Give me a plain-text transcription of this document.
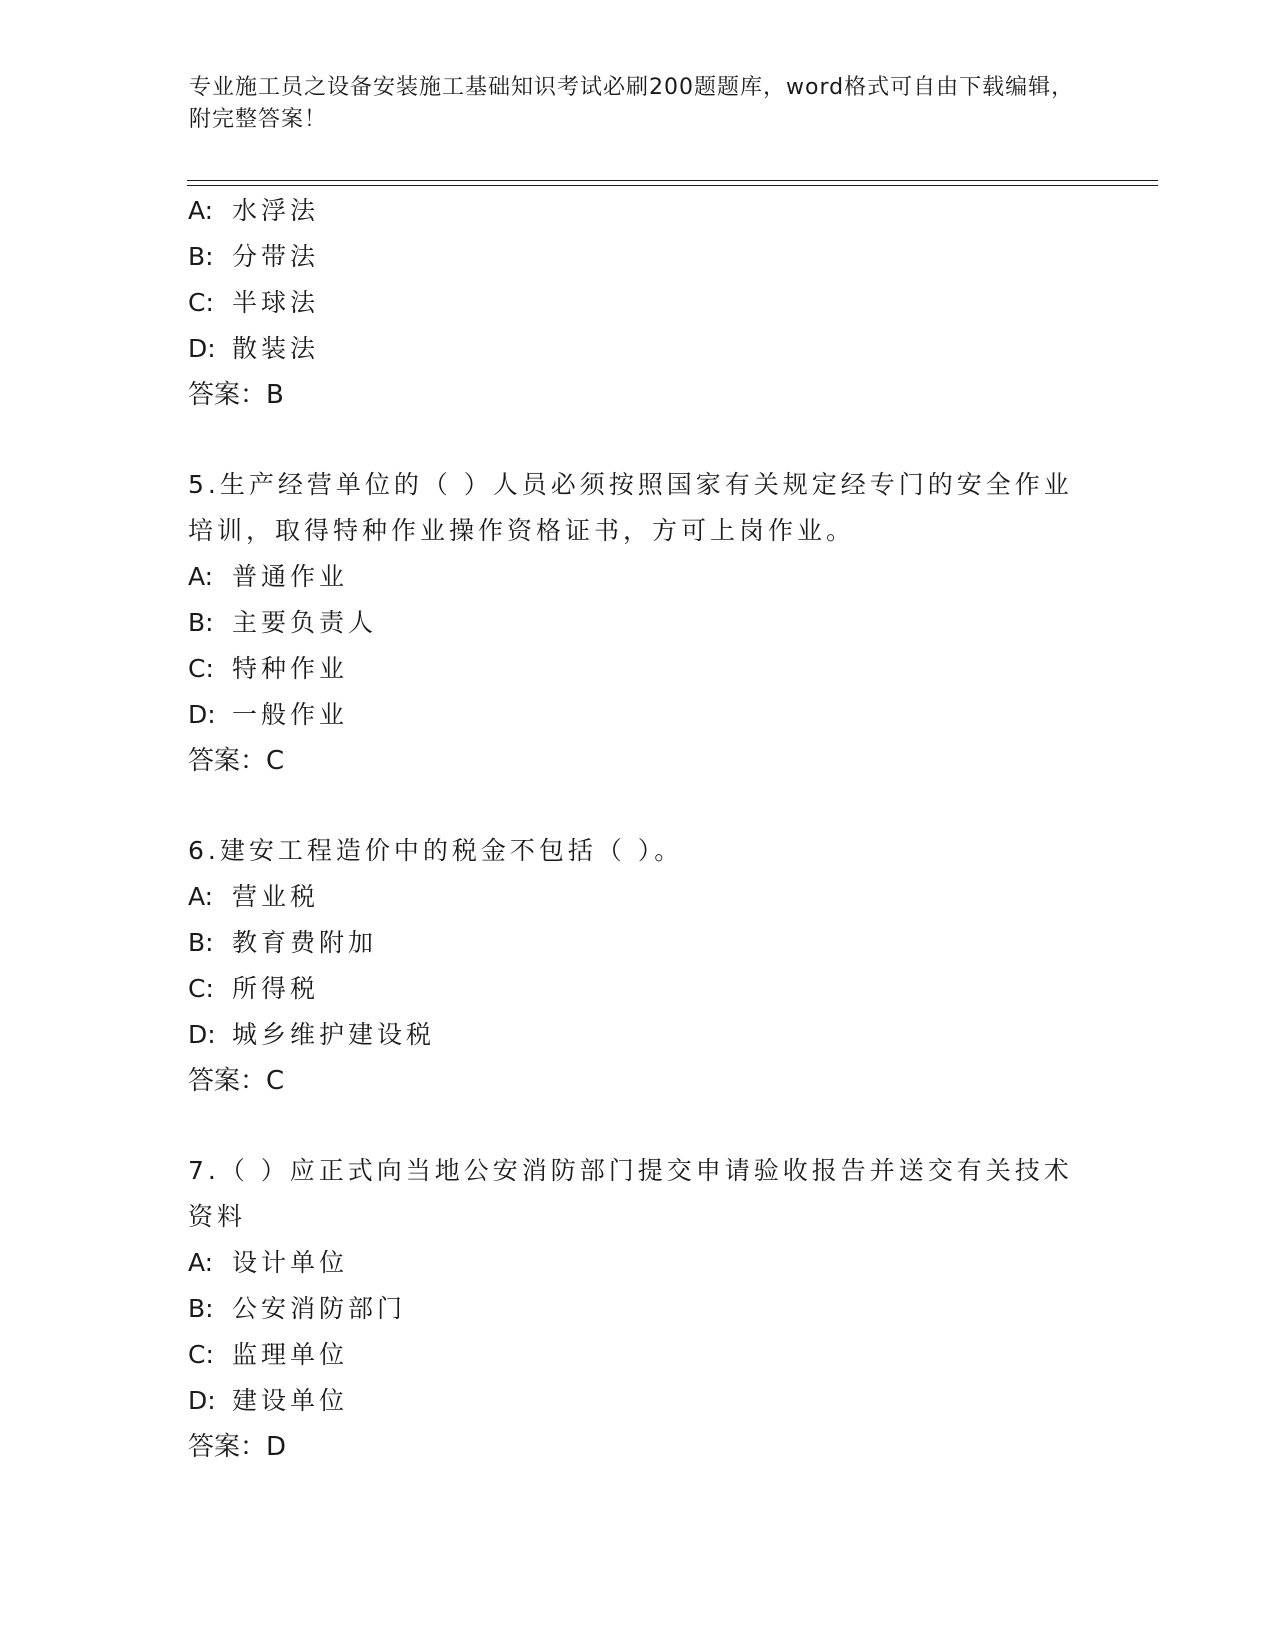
专业施工员之设备安装施工基础知识考试必刷200题题库，word格式可自由下载编辑，附完整答案！
A: 水浮法
B: 分带法
C: 半球法
D: 散装法
答案：B
5.生产经营单位的（ ）人员必须按照国家有关规定经专门的安全作业培训，取得特种作业操作资格证书，方可上岗作业。
A: 普通作业
B: 主要负责人
C: 特种作业
D: 一般作业
答案：C
6.建安工程造价中的税金不包括（ ）。
A: 营业税
B: 教育费附加
C: 所得税
D: 城乡维护建设税
答案：C
7.（ ）应正式向当地公安消防部门提交申请验收报告并送交有关技术资料
A: 设计单位
B: 公安消防部门
C: 监理单位
D: 建设单位
答案：D
